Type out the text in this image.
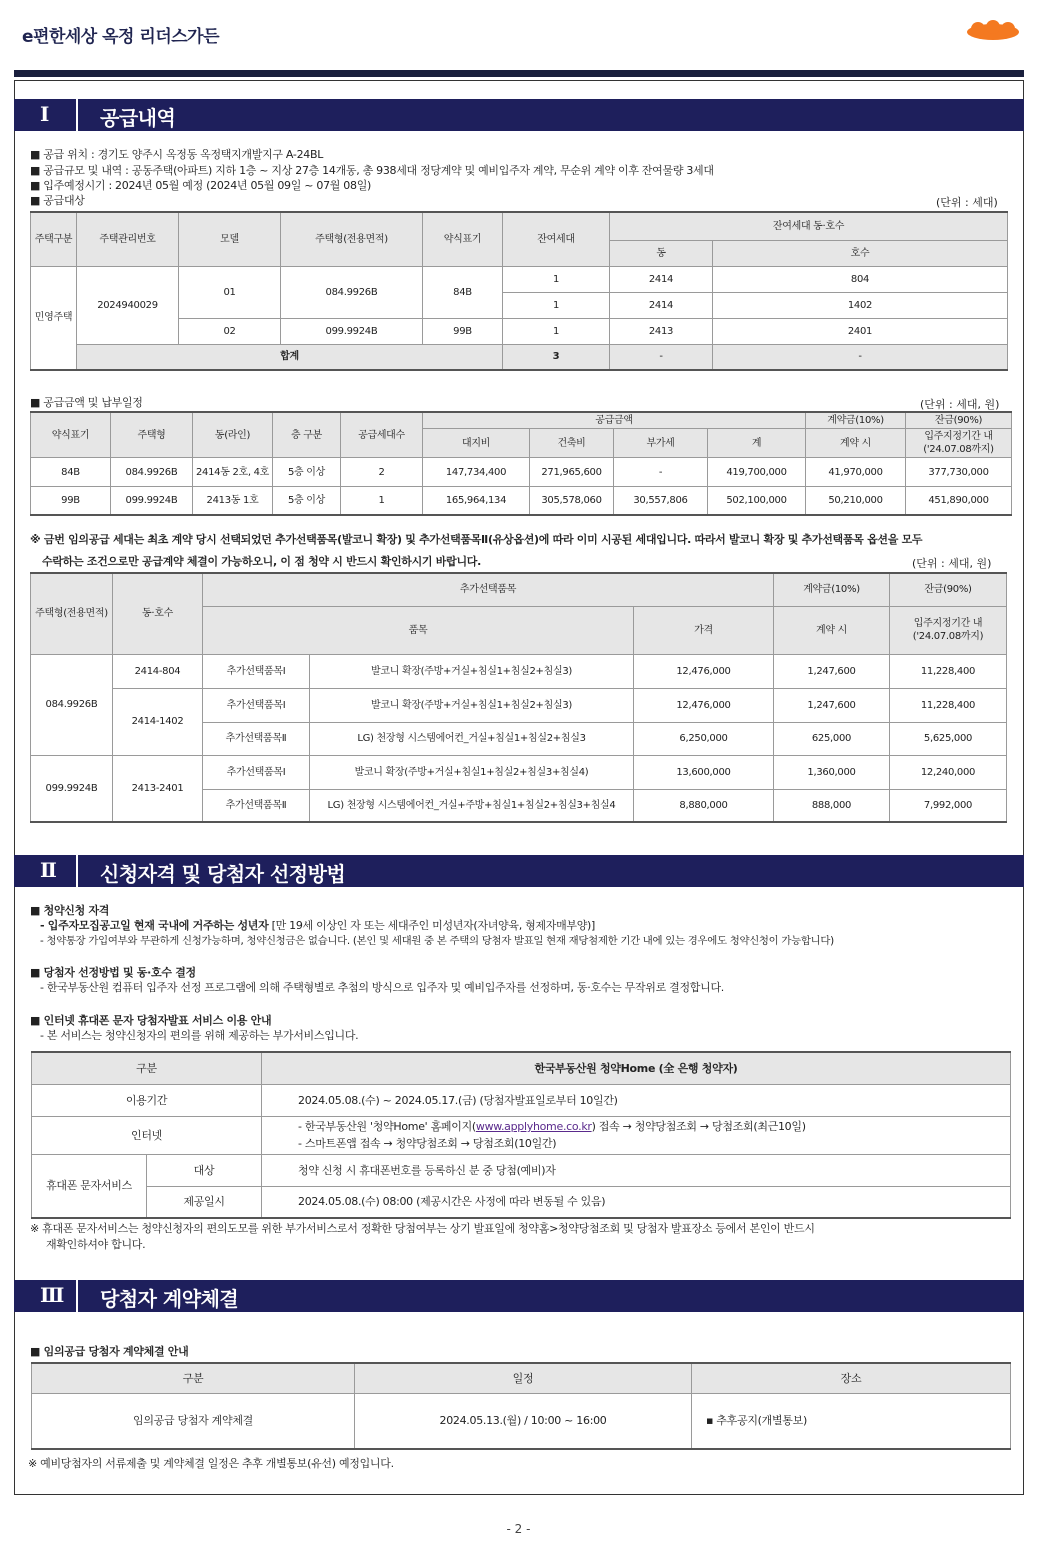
e편한세상 옥정 리더스가든
Ⅰ	공급내역
■ 공급 위치 : 경기도 양주시 옥정동 옥정택지개발지구 A-24BL
■ 공급규모 및 내역 : 공동주택(아파트) 지하 1층 ~ 지상 27층 14개동, 총 938세대 정당계약 및 예비입주자 계약, 무순위 계약 이후 잔여물량 3세대
■ 입주예정시기 : 2024년 05월 예정 (2024년 05월 09일 ~ 07월 08일)
■ 공급대상	(단위 : 세대)
주택구분	주택관리번호	모델	주택형(전용면적)	약식표기	잔여세대	잔여세대 동·호수	
						동	호수
민영주택	2024940029	01	084.9926B	84B	1	2414	804
					1	2414	1402
		02	099.9924B	99B	1	2413	2401
	합계				3	-	-
■ 공급금액 및 납부일정	(단위 : 세대, 원)
약식표기	주택형	동(라인)	층 구분	공급세대수	공급금액				계약금(10%)	잔금(90%)
					대지비	건축비	부가세	계	계약 시	입주지정기간 내 ('24.07.08까지)
84B	084.9926B	2414동 2호, 4호	5층 이상	2	147,734,400	271,965,600	-	419,700,000	41,970,000	377,730,000
99B	099.9924B	2413동 1호	5층 이상	1	165,964,134	305,578,060	30,557,806	502,100,000	50,210,000	451,890,000
※ 금번 임의공급 세대는 최초 계약 당시 선택되었던 추가선택품목(발코니 확장) 및 추가선택품목Ⅱ(유상옵션)에 따라 이미 시공된 세대입니다. 따라서 발코니 확장 및 추가선택품목 옵션을 모두
수락하는 조건으로만 공급계약 체결이 가능하오니, 이 점 청약 시 반드시 확인하시기 바랍니다.	(단위 : 세대, 원)
주택형(전용면적)	동·호수	추가선택품목			계약금(10%)	잔금(90%)
		품목		가격	계약 시	입주지정기간 내 ('24.07.08까지)
084.9926B	2414-804	추가선택품목Ⅰ	발코니 확장(주방+거실+침실1+침실2+침실3)	12,476,000	1,247,600	11,228,400
	2414-1402	추가선택품목Ⅰ	발코니 확장(주방+거실+침실1+침실2+침실3)	12,476,000	1,247,600	11,228,400
		추가선택품목Ⅱ	LG) 천장형 시스템에어컨_거실+침실1+침실2+침실3	6,250,000	625,000	5,625,000
099.9924B	2413-2401	추가선택품목Ⅰ	발코니 확장(주방+거실+침실1+침실2+침실3+침실4)	13,600,000	1,360,000	12,240,000
		추가선택품목Ⅱ	LG) 천장형 시스템에어컨_거실+주방+침실1+침실2+침실3+침실4	8,880,000	888,000	7,992,000
Ⅱ 신청자격 및 당첨자 선정방법
■ 청약신청 자격
- 입주자모집공고일 현재 국내에 거주하는 성년자 [만 19세 이상인 자 또는 세대주인 미성년자(자녀양육, 형제자매부양)]
- 청약통장 가입여부와 무관하게 신청가능하며, 청약신청금은 없습니다. (본인 및 세대원 중 본 주택의 당첨자 발표일 현재 재당첨제한 기간 내에 있는 경우에도 청약신청이 가능합니다)
■ 당첨자 선정방법 및 동·호수 결정
- 한국부동산원 컴퓨터 입주자 선정 프로그램에 의해 주택형별로 추첨의 방식으로 입주자 및 예비입주자를 선정하며, 동·호수는 무작위로 결정합니다.
■ 인터넷 휴대폰 문자 당첨자발표 서비스 이용 안내
- 본 서비스는 청약신청자의 편의를 위해 제공하는 부가서비스입니다.
구분		한국부동산원 청약Home (全 은행 청약자)
이용기간		2024.05.08.(수) ~ 2024.05.17.(금) (당첨자발표일로부터 10일간)
인터넷		- 한국부동산원 '청약Home' 홈페이지(www.applyhome.co.kr) 접속 → 청약당첨조회 → 당첨조회(최근10일)
- 스마트폰앱 접속 → 청약당첨조회 → 당첨조회(10일간)

휴대폰 문자서비스	대상	청약 신청 시 휴대폰번호를 등록하신 분 중 당첨(예비)자
	제공일시	2024.05.08.(수) 08:00 (제공시간은 사정에 따라 변동될 수 있음)
※ 휴대폰 문자서비스는 청약신청자의 편의도모를 위한 부가서비스로서 정확한 당첨여부는 상기 발표일에 청약홈>청약당첨조회 및 당첨자 발표장소 등에서 본인이 반드시
재확인하셔야 합니다.
Ⅲ 당첨자 계약체결
■ 임의공급 당첨자 계약체결 안내
구분	일정	장소
임의공급 당첨자 계약체결	2024.05.13.(월) / 10:00 ~ 16:00	▪ 추후공지(개별통보)
※ 예비당첨자의 서류제출 및 계약체결 일정은 추후 개별통보(유선) 예정입니다.
- 2 -
